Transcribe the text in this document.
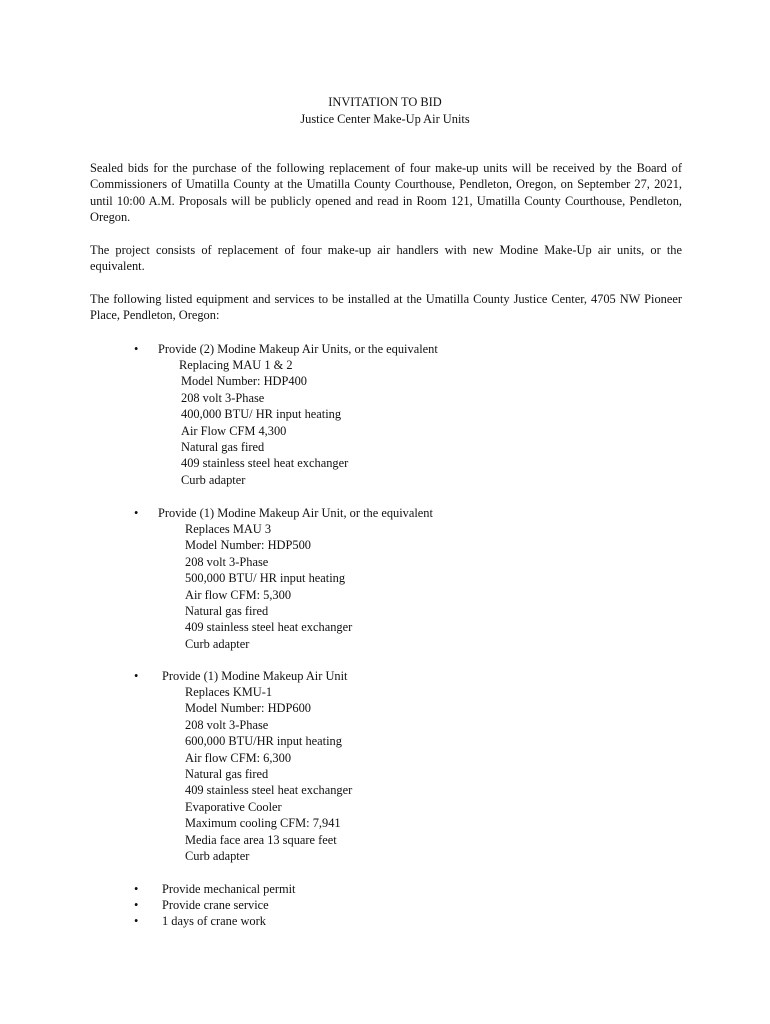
INVITATION TO BID
Justice Center Make-Up Air Units
Sealed bids for the purchase of the following replacement of four make-up units will be received by the Board of Commissioners of Umatilla County at the Umatilla County Courthouse, Pendleton, Oregon, on September 27, 2021, until 10:00 A.M. Proposals will be publicly opened and read in Room 121, Umatilla County Courthouse, Pendleton, Oregon.
The project consists of replacement of four make-up air handlers with new Modine Make-Up air units, or the equivalent.
The following listed equipment and services to be installed at the Umatilla County Justice Center, 4705 NW Pioneer Place, Pendleton, Oregon:
• Provide (2) Modine Makeup Air Units, or the equivalent
Replacing MAU 1 & 2
Model Number: HDP400
208 volt 3-Phase
400,000 BTU/ HR input heating
Air Flow CFM 4,300
Natural gas fired
409 stainless steel heat exchanger
Curb adapter
• Provide (1) Modine Makeup Air Unit, or the equivalent
Replaces MAU 3
Model Number: HDP500
208 volt 3-Phase
500,000 BTU/ HR input heating
Air flow CFM: 5,300
Natural gas fired
409 stainless steel heat exchanger
Curb adapter
• Provide (1) Modine Makeup Air Unit
Replaces KMU-1
Model Number: HDP600
208 volt 3-Phase
600,000 BTU/HR input heating
Air flow CFM: 6,300
Natural gas fired
409 stainless steel heat exchanger
Evaporative Cooler
Maximum cooling CFM: 7,941
Media face area 13 square feet
Curb adapter
• Provide mechanical permit
• Provide crane service
• 1 days of crane work
